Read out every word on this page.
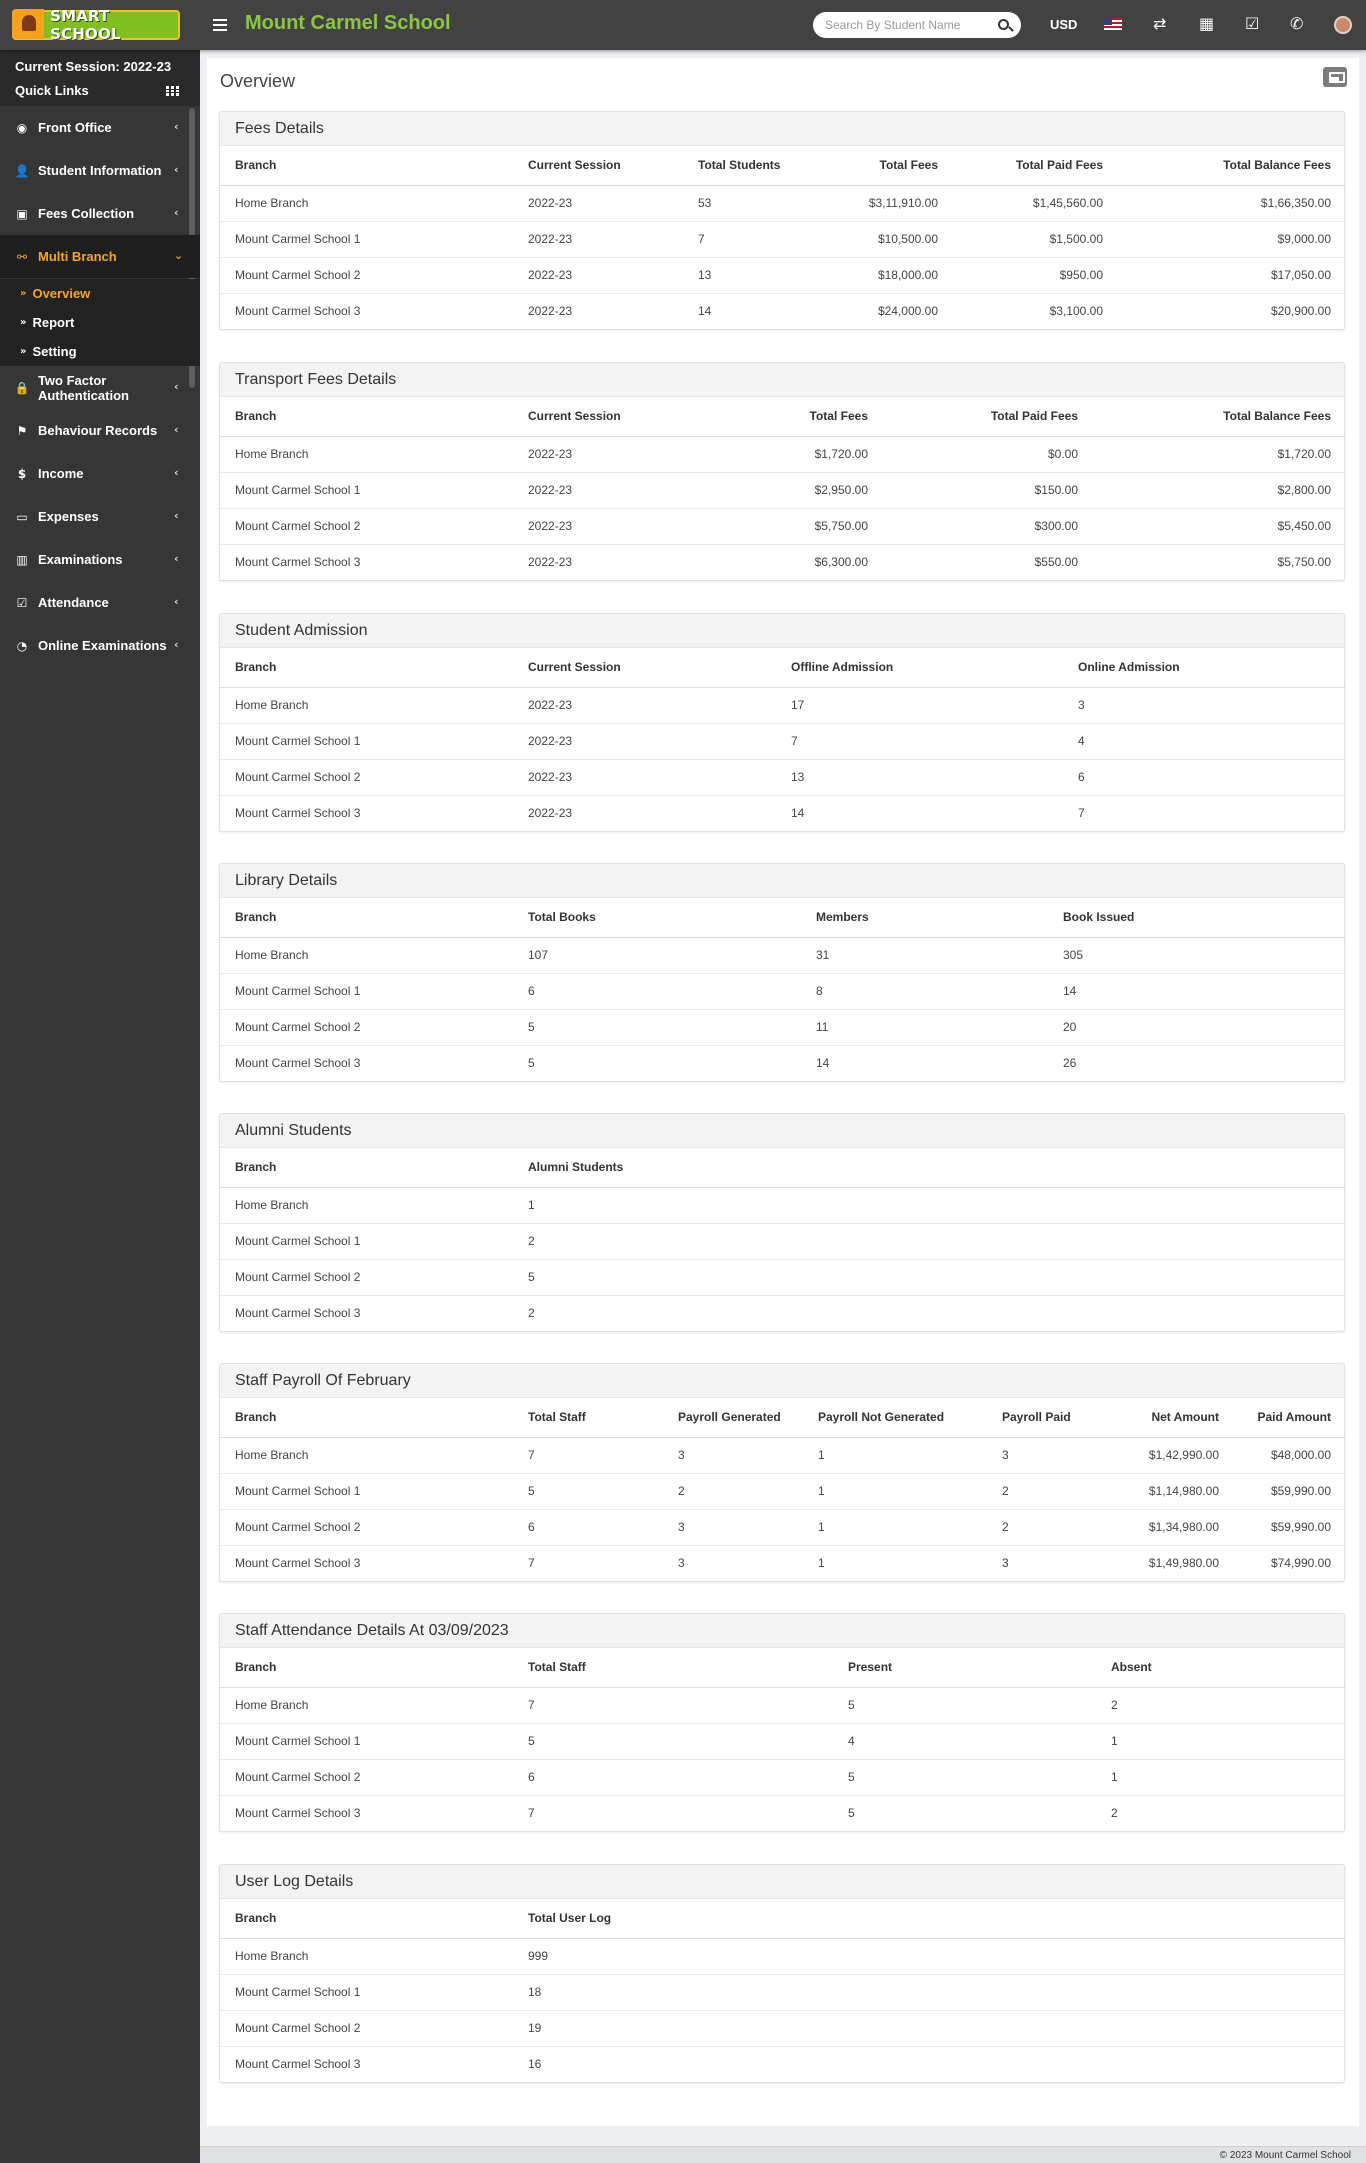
SMART SCHOOL	Mount Carmel School
Search By Student Name	USD	⇄ ▦ ☑ ✆
Current Session: 2022-23
Quick Links
◉ Front Office	‹
👤 Student Information ‹
▣ Fees Collection	‹
⚯ Multi Branch	⌄
» Overview
» Report
» Setting
🔒 Two Factor Authentication
‹
⚑ Behaviour Records ‹
$ Income	‹
▭ Expenses	‹
▥ Examinations	‹
☑ Attendance	‹
◔ Online Examinations ‹
Overview
Fees Details
Branch	Current Session	Total Students	Total Fees	Total Paid Fees	Total Balance Fees
Home Branch	2022-23	53	$3,11,910.00	$1,45,560.00	$1,66,350.00
Mount Carmel School 1	2022-23	7	$10,500.00	$1,500.00	$9,000.00
Mount Carmel School 2	2022-23	13	$18,000.00	$950.00	$17,050.00
Mount Carmel School 3	2022-23	14	$24,000.00	$3,100.00	$20,900.00
Transport Fees Details
Branch	Current Session	Total Fees	Total Paid Fees	Total Balance Fees
Home Branch	2022-23	$1,720.00	$0.00	$1,720.00
Mount Carmel School 1	2022-23	$2,950.00	$150.00	$2,800.00
Mount Carmel School 2	2022-23	$5,750.00	$300.00	$5,450.00
Mount Carmel School 3	2022-23	$6,300.00	$550.00	$5,750.00
Student Admission
Branch	Current Session	Offline Admission	Online Admission
Home Branch	2022-23	17	3
Mount Carmel School 1	2022-23	7	4
Mount Carmel School 2	2022-23	13	6
Mount Carmel School 3	2022-23	14	7
Library Details
Branch	Total Books	Members	Book Issued
Home Branch	107	31	305
Mount Carmel School 1	6	8	14
Mount Carmel School 2	5	11	20
Mount Carmel School 3	5	14	26
Alumni Students
Branch	Alumni Students
Home Branch	1
Mount Carmel School 1	2
Mount Carmel School 2	5
Mount Carmel School 3	2
Staff Payroll Of February
Branch	Total Staff	Payroll Generated	Payroll Not Generated	Payroll Paid	Net Amount	Paid Amount
Home Branch	7	3	1	3	$1,42,990.00	$48,000.00
Mount Carmel School 1	5	2	1	2	$1,14,980.00	$59,990.00
Mount Carmel School 2	6	3	1	2	$1,34,980.00	$59,990.00
Mount Carmel School 3	7	3	1	3	$1,49,980.00	$74,990.00
Staff Attendance Details At 03/09/2023
Branch	Total Staff	Present	Absent
Home Branch	7	5	2
Mount Carmel School 1	5	4	1
Mount Carmel School 2	6	5	1
Mount Carmel School 3	7	5	2
User Log Details
Branch	Total User Log
Home Branch	999
Mount Carmel School 1	18
Mount Carmel School 2	19
Mount Carmel School 3	16
© 2023 Mount Carmel School
